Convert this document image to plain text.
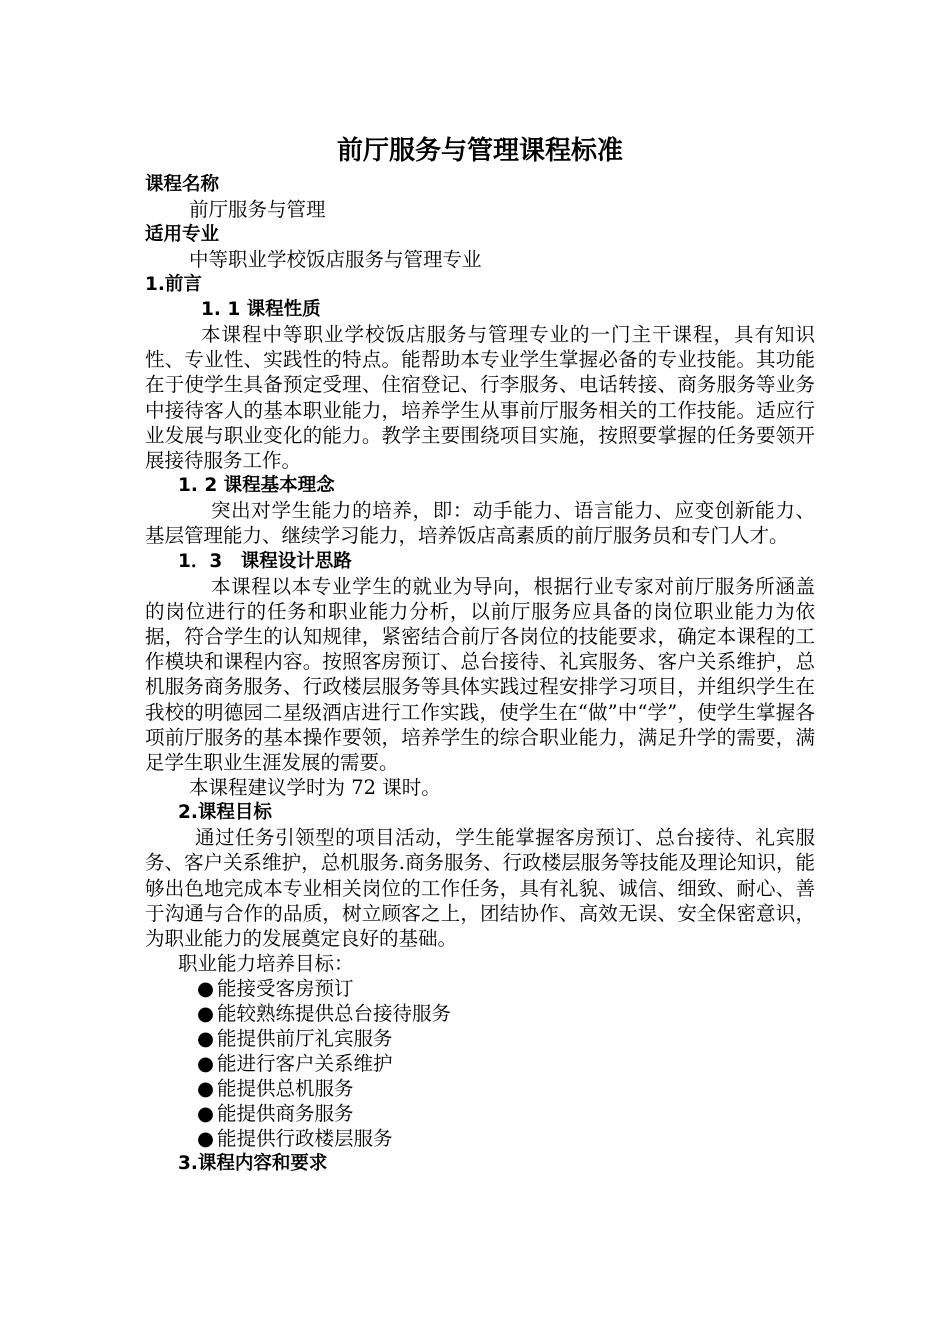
前厅服务与管理课程标准

课程名称

前厅服务与管理

适用专业

中等职业学校饭店服务与管理专业

1.前言

1. 1 课程性质

本课程中等职业学校饭店服务与管理专业的一门主干课程，具有知识性、专业性、实践性的特点。能帮助本专业学生掌握必备的专业技能。其功能在于使学生具备预定受理、住宿登记、行李服务、电话转接、商务服务等业务中接待客人的基本职业能力，培养学生从事前厅服务相关的工作技能。适应行业发展与职业变化的能力。教学主要围绕项目实施，按照要掌握的任务要领开展接待服务工作。

1. 2 课程基本理念

突出对学生能力的培养，即：动手能力、语言能力、应变创新能力、基层管理能力、继续学习能力，培养饭店高素质的前厅服务员和专门人才。

1．3　课程设计思路

本课程以本专业学生的就业为导向，根据行业专家对前厅服务所涵盖的岗位进行的任务和职业能力分析，以前厅服务应具备的岗位职业能力为依据，符合学生的认知规律，紧密结合前厅各岗位的技能要求，确定本课程的工作模块和课程内容。按照客房预订、总台接待、礼宾服务、客户关系维护，总机服务商务服务、行政楼层服务等具体实践过程安排学习项目，并组织学生在我校的明德园二星级酒店进行工作实践，使学生在“做”中“学”，使学生掌握各项前厅服务的基本操作要领，培养学生的综合职业能力，满足升学的需要，满足学生职业生涯发展的需要。

本课程建议学时为 72 课时。

2.课程目标

通过任务引领型的项目活动，学生能掌握客房预订、总台接待、礼宾服务、客户关系维护，总机服务.商务服务、行政楼层服务等技能及理论知识，能够出色地完成本专业相关岗位的工作任务，具有礼貌、诚信、细致、耐心、善于沟通与合作的品质，树立顾客之上，团结协作、高效无误、安全保密意识，为职业能力的发展奠定良好的基础。

职业能力培养目标：

● 能接受客房预订

● 能较熟练提供总台接待服务

● 能提供前厅礼宾服务

● 能进行客户关系维护

● 能提供总机服务

● 能提供商务服务

● 能提供行政楼层服务

3.课程内容和要求
